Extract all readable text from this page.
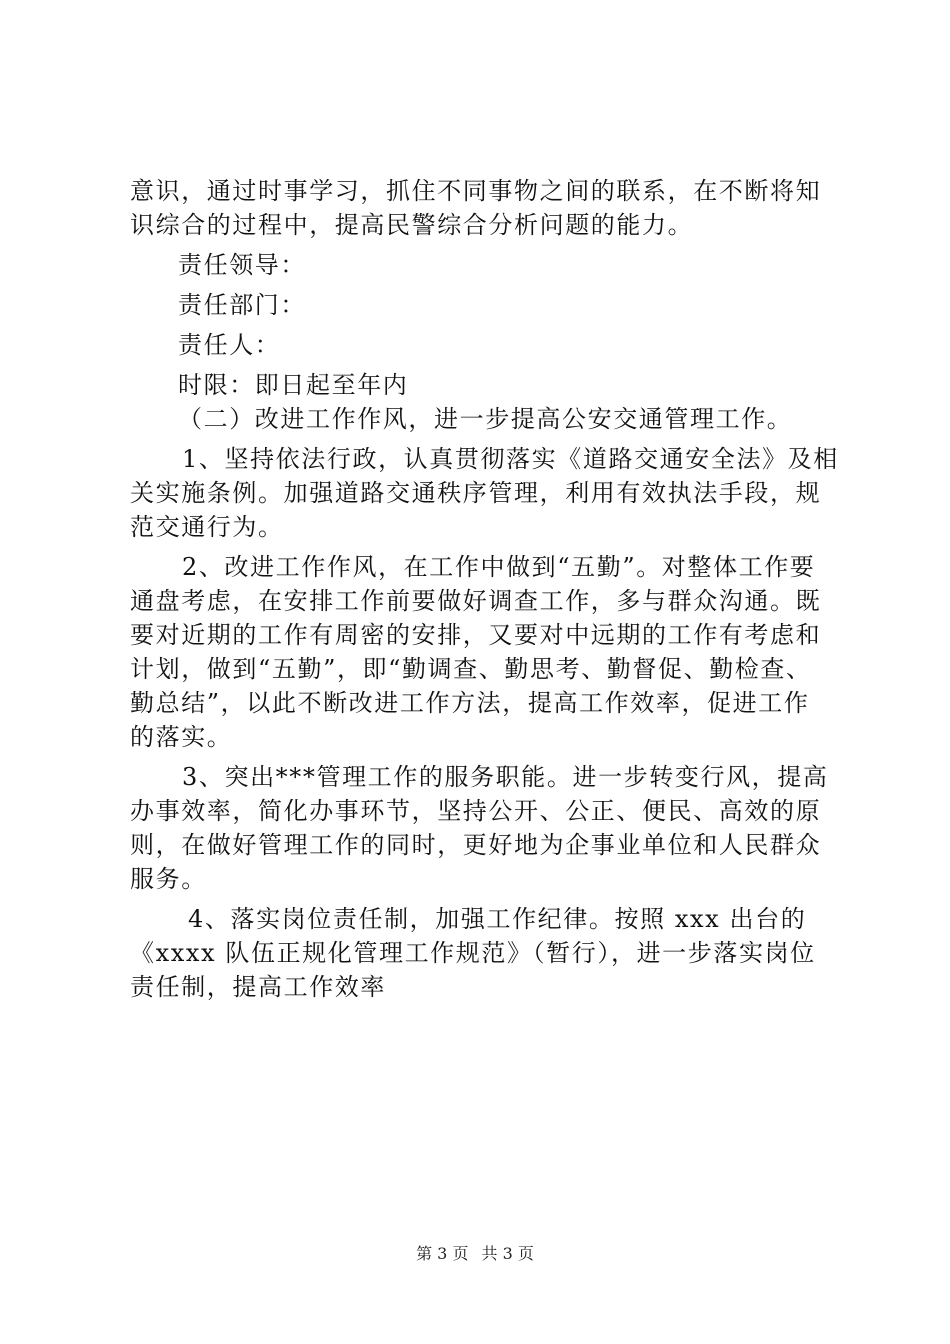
意识，通过时事学习，抓住不同事物之间的联系，在不断将知
识综合的过程中，提高民警综合分析问题的能力。
责任领导：
责任部门：
责任人：
时限：即日起至年内
（二）改进工作作风，进一步提高公安交通管理工作。
1、坚持依法行政，认真贯彻落实《道路交通安全法》及相
关实施条例。加强道路交通秩序管理，利用有效执法手段，规
范交通行为。
2、改进工作作风，在工作中做到“五勤”。对整体工作要
通盘考虑，在安排工作前要做好调查工作，多与群众沟通。既
要对近期的工作有周密的安排，又要对中远期的工作有考虑和
计划，做到“五勤”，即“勤调查、勤思考、勤督促、勤检查、
勤总结”，以此不断改进工作方法，提高工作效率，促进工作
的落实。
3、突出***管理工作的服务职能。进一步转变行风，提高
办事效率，简化办事环节，坚持公开、公正、便民、高效的原
则，在做好管理工作的同时，更好地为企事业单位和人民群众
服务。
4、落实岗位责任制，加强工作纪律。按照 xxx 出台的
《xxxx 队伍正规化管理工作规范》（暂行），进一步落实岗位
责任制，提高工作效率
第 3 页 共 3 页
